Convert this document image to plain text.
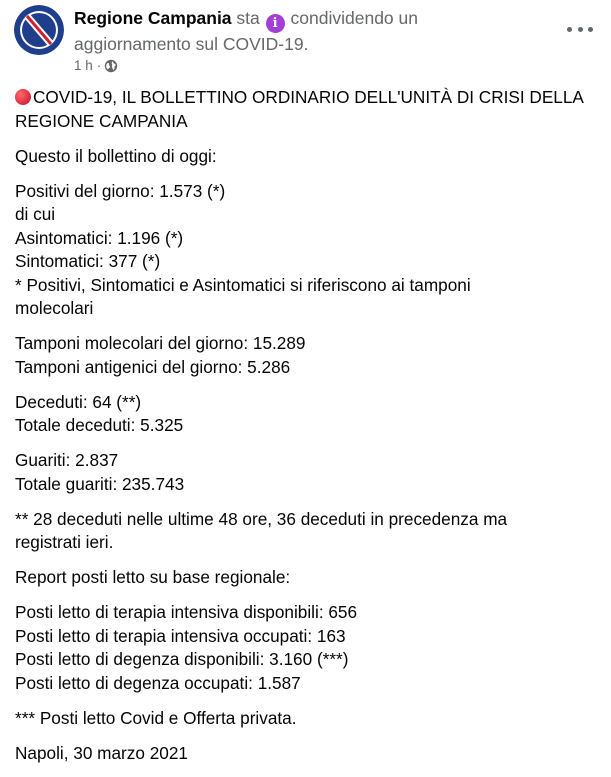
Regione Campania sta i condividendo un aggiornamento sul COVID-19.
1 h ·
COVID-19, IL BOLLETTINO ORDINARIO DELL'UNITÀ DI CRISI DELLA
REGIONE CAMPANIA
Questo il bollettino di oggi:
Positivi del giorno: 1.573 (*)
di cui
Asintomatici: 1.196 (*)
Sintomatici: 377 (*)
* Positivi, Sintomatici e Asintomatici si riferiscono ai tamponi
molecolari
Tamponi molecolari del giorno: 15.289
Tamponi antigenici del giorno: 5.286
Deceduti: 64 (**)
Totale deceduti: 5.325
Guariti: 2.837
Totale guariti: 235.743
** 28 deceduti nelle ultime 48 ore, 36 deceduti in precedenza ma
registrati ieri.
Report posti letto su base regionale:
Posti letto di terapia intensiva disponibili: 656
Posti letto di terapia intensiva occupati: 163
Posti letto di degenza disponibili: 3.160 (***)
Posti letto di degenza occupati: 1.587
*** Posti letto Covid e Offerta privata.
Napoli, 30 marzo 2021
